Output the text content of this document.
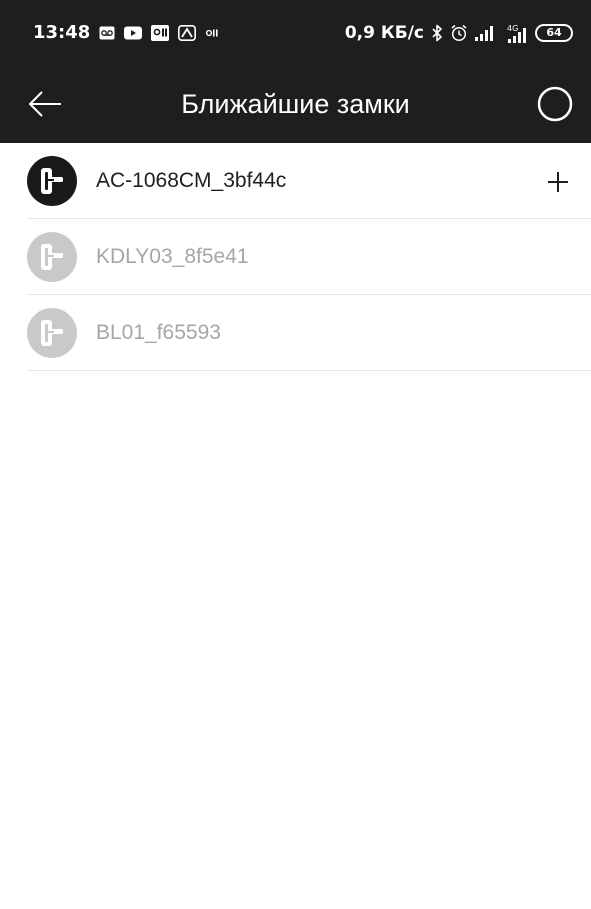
13:48	0,9 КБ/с	4G	64
Ближайшие замки
AC-1068CM_3bf44c
KDLY03_8f5e41
BL01_f65593
